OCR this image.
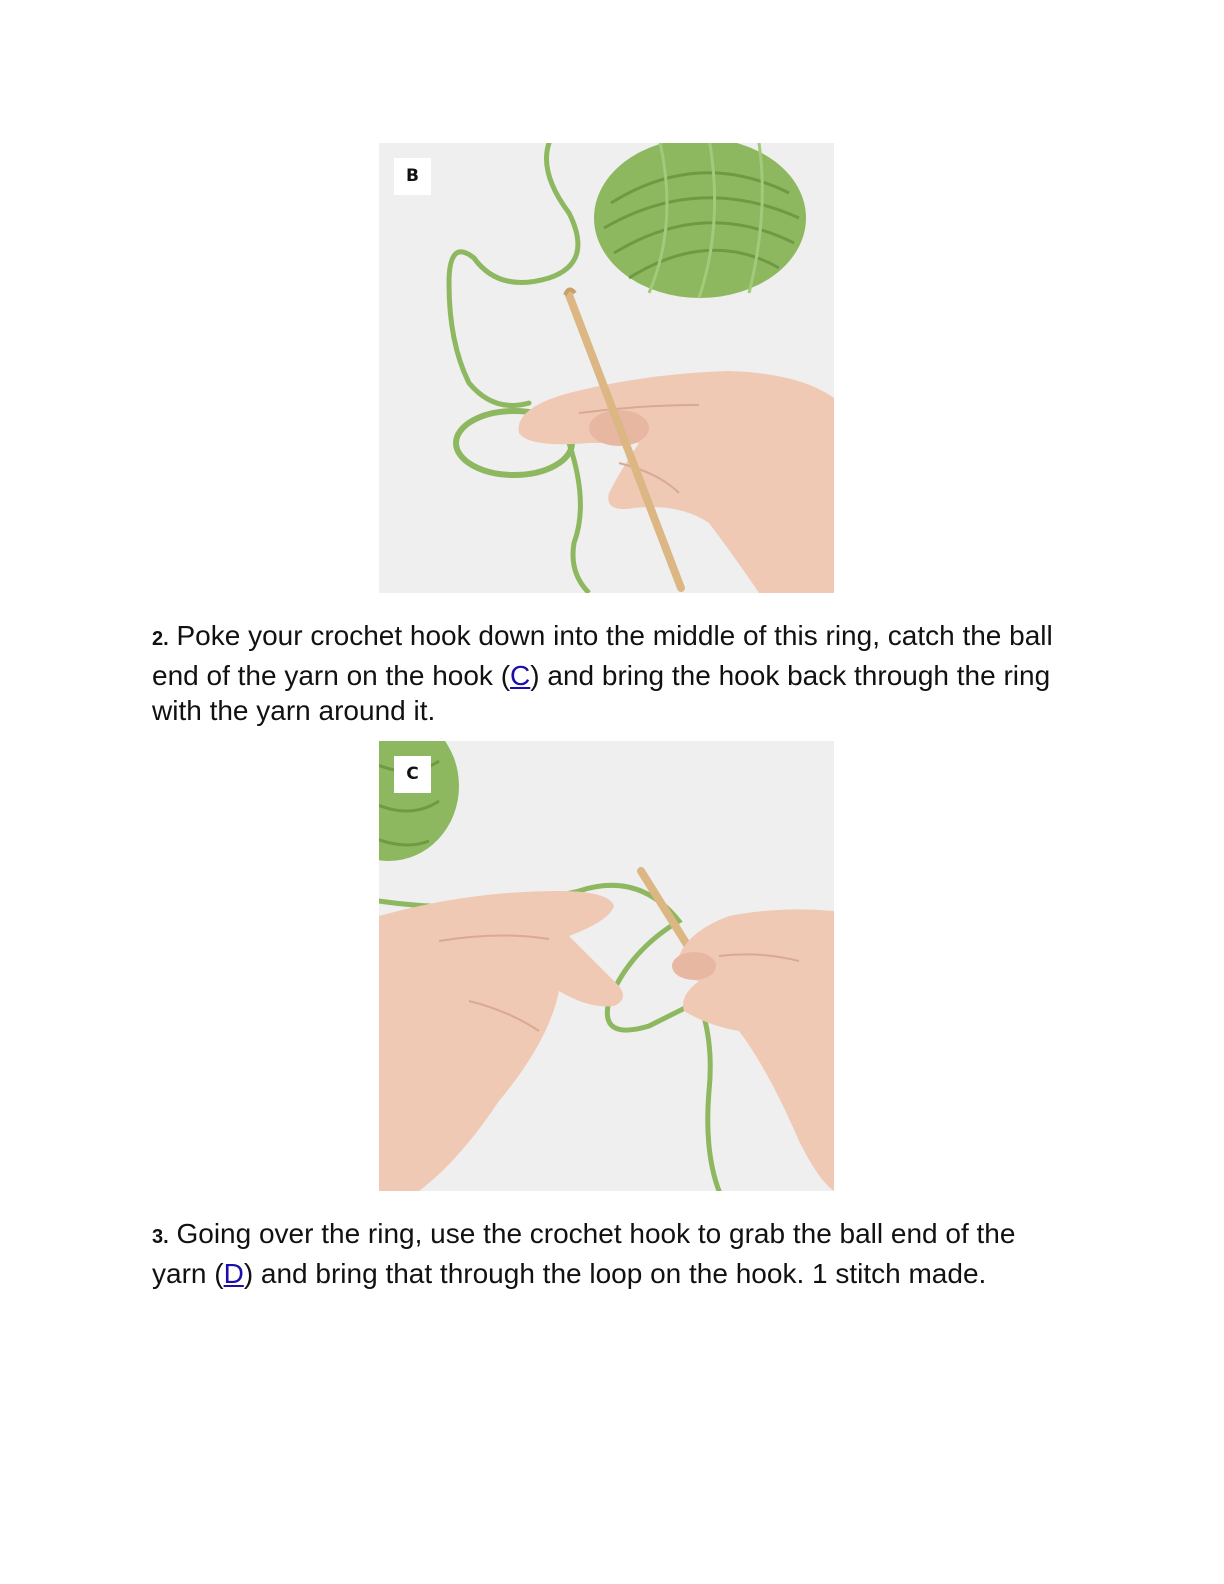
B

2. Poke your crochet hook down into the middle of this ring, catch the ball end of the yarn on the hook (C) and bring the hook back through the ring with the yarn around it.

C

3. Going over the ring, use the crochet hook to grab the ball end of the yarn (D) and bring that through the loop on the hook. 1 stitch made.
